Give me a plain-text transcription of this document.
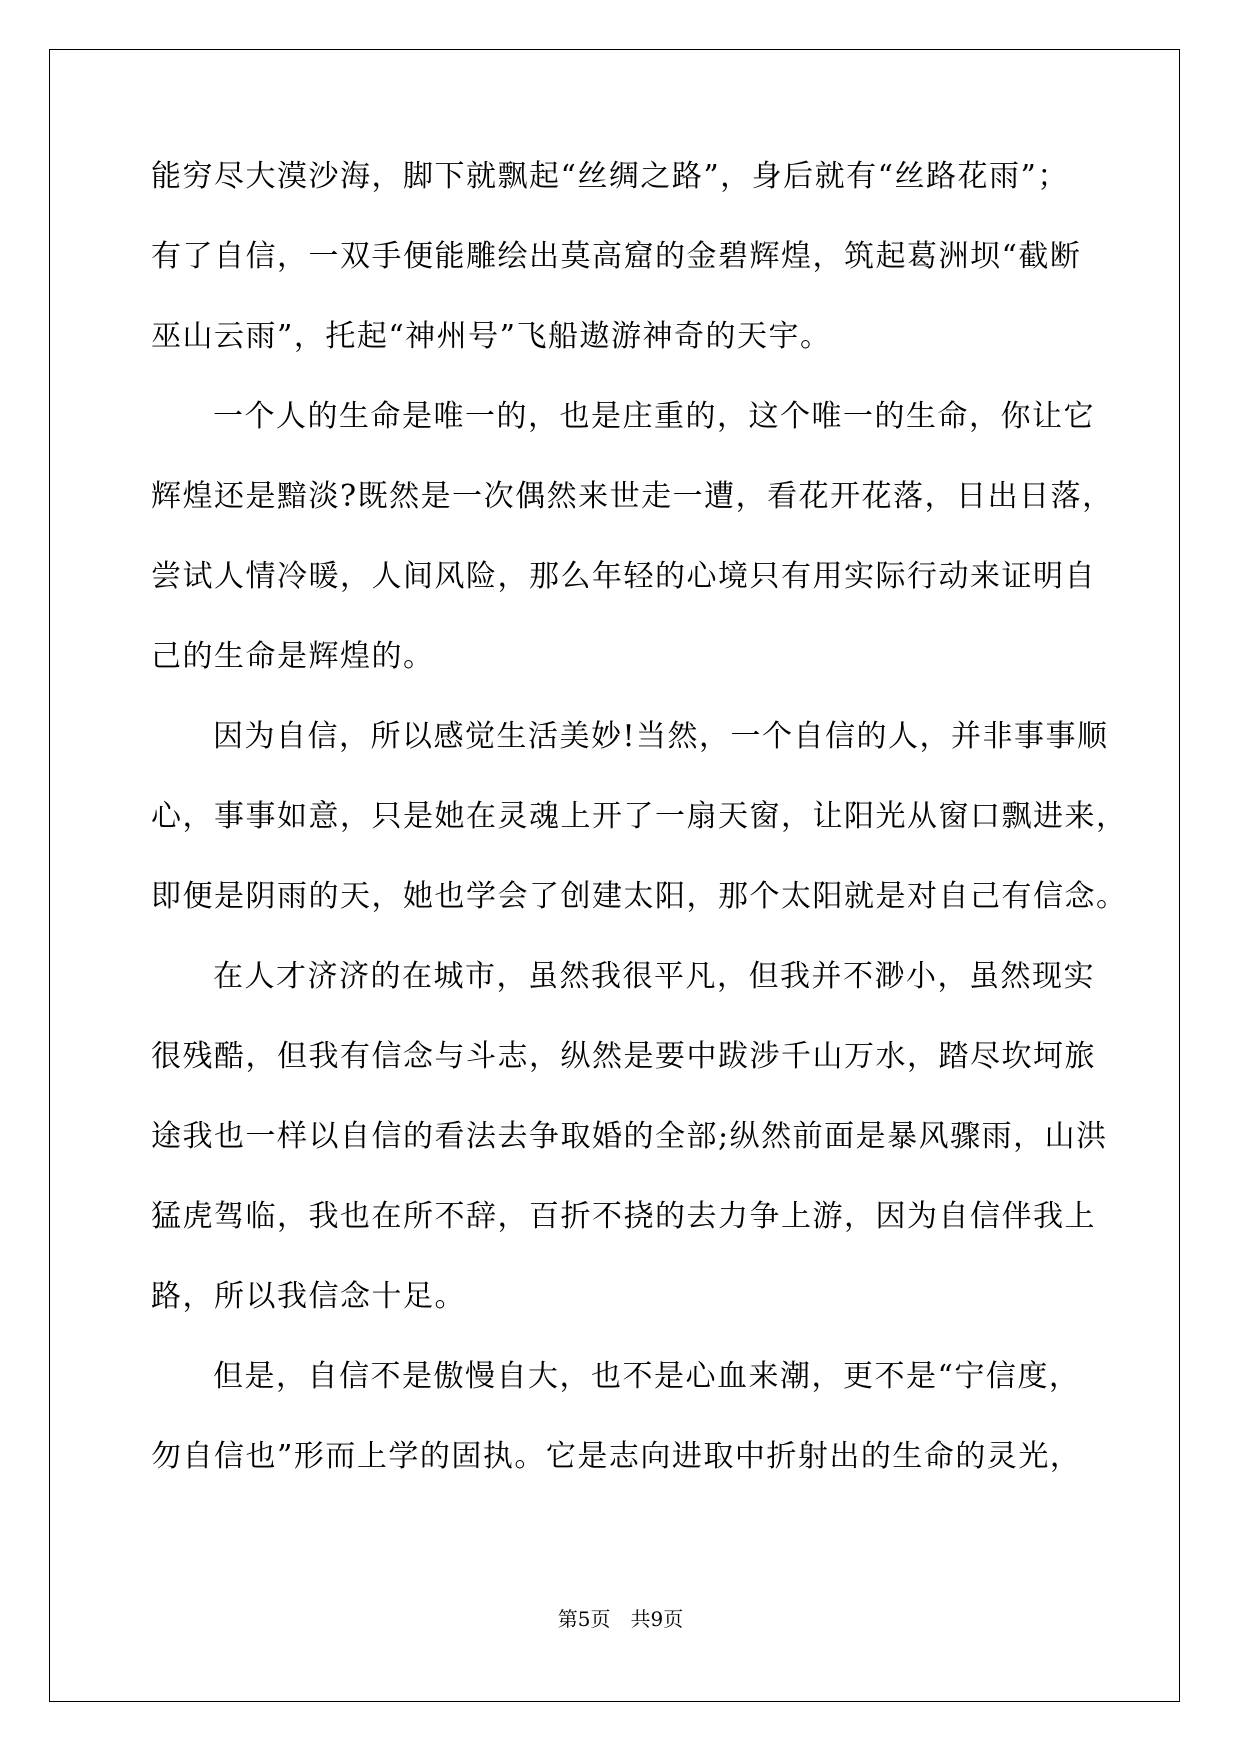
能穷尽大漠沙海，脚下就飘起“丝绸之路”，身后就有“丝路花雨”；
有了自信，一双手便能雕绘出莫高窟的金碧辉煌，筑起葛洲坝“截断
巫山云雨”，托起“神州号”飞船遨游神奇的天宇。
一个人的生命是唯一的，也是庄重的，这个唯一的生命，你让它
辉煌还是黯淡?既然是一次偶然来世走一遭，看花开花落，日出日落，
尝试人情冷暖，人间风险，那么年轻的心境只有用实际行动来证明自
己的生命是辉煌的。
因为自信，所以感觉生活美妙!当然，一个自信的人，并非事事顺
心，事事如意，只是她在灵魂上开了一扇天窗，让阳光从窗口飘进来，
即便是阴雨的天，她也学会了创建太阳，那个太阳就是对自己有信念。
在人才济济的在城市，虽然我很平凡，但我并不渺小，虽然现实
很残酷，但我有信念与斗志，纵然是要中跋涉千山万水，踏尽坎坷旅
途我也一样以自信的看法去争取婚的全部;纵然前面是暴风骤雨，山洪
猛虎驾临，我也在所不辞，百折不挠的去力争上游，因为自信伴我上
路，所以我信念十足。
但是，自信不是傲慢自大，也不是心血来潮，更不是“宁信度，
勿自信也”形而上学的固执。它是志向进取中折射出的生命的灵光，
第5页　共9页
